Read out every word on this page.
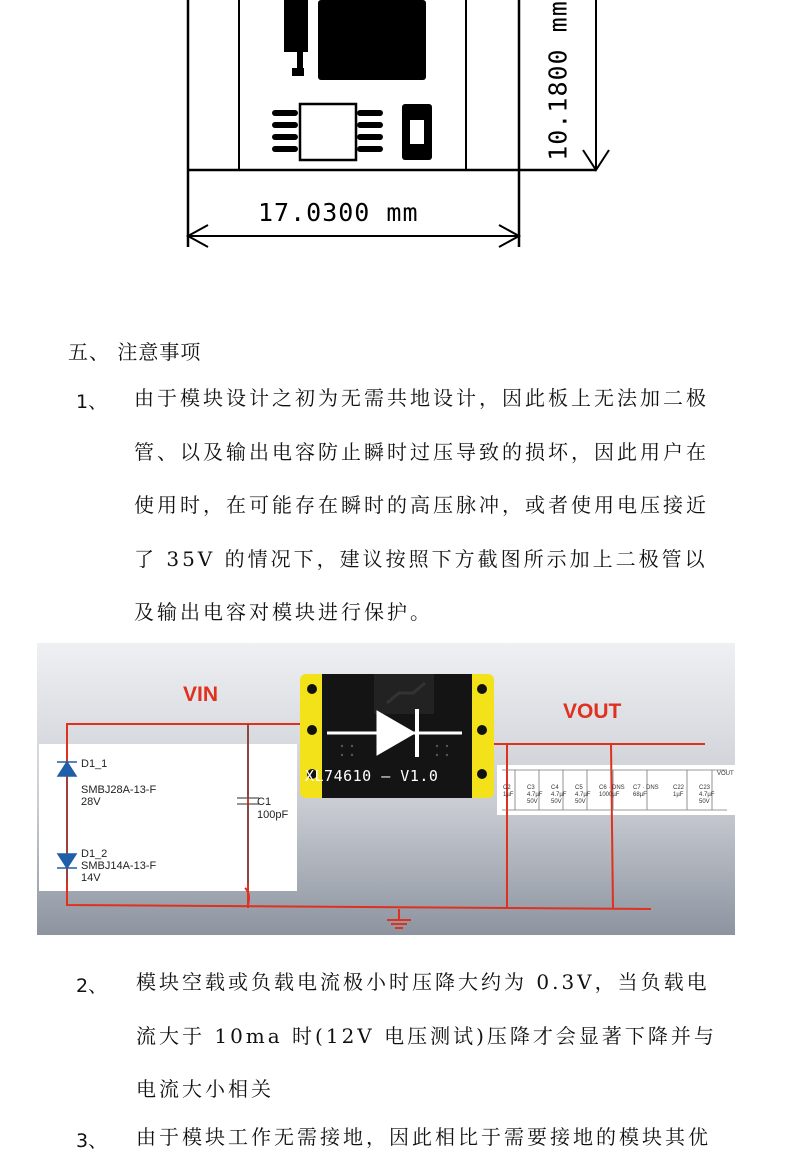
17.0300 mm
10.1800 mm
五、 注意事项
1、 由于模块设计之初为无需共地设计，因此板上无法加二极管、以及输出电容防止瞬时过压导致的损坏，因此用户在使用时，在可能存在瞬时的高压脉冲，或者使用电压接近了 35V 的情况下，建议按照下方截图所示加上二极管以及输出电容对模块进行保护。
VOUT
C2
1µF
C3
4.7µF
50V
C4
4.7µF
50V
C5
4.7µF
50V
C6 · DNS
1000µF
C7 · DNS
68µF
C22
1µF
C23
4.7µF
50V
VIN
VOUT
D1_1
SMBJ28A-13-F
28V
D1_2
SMBJ14A-13-F
14V
C1
100pF
XL74610 – V1.0
2、 模块空载或负载电流极小时压降大约为 0.3V，当负载电流大于 10ma 时(12V 电压测试)压降才会显著下降并与电流大小相关
3、 由于模块工作无需接地，因此相比于需要接地的模块其优
